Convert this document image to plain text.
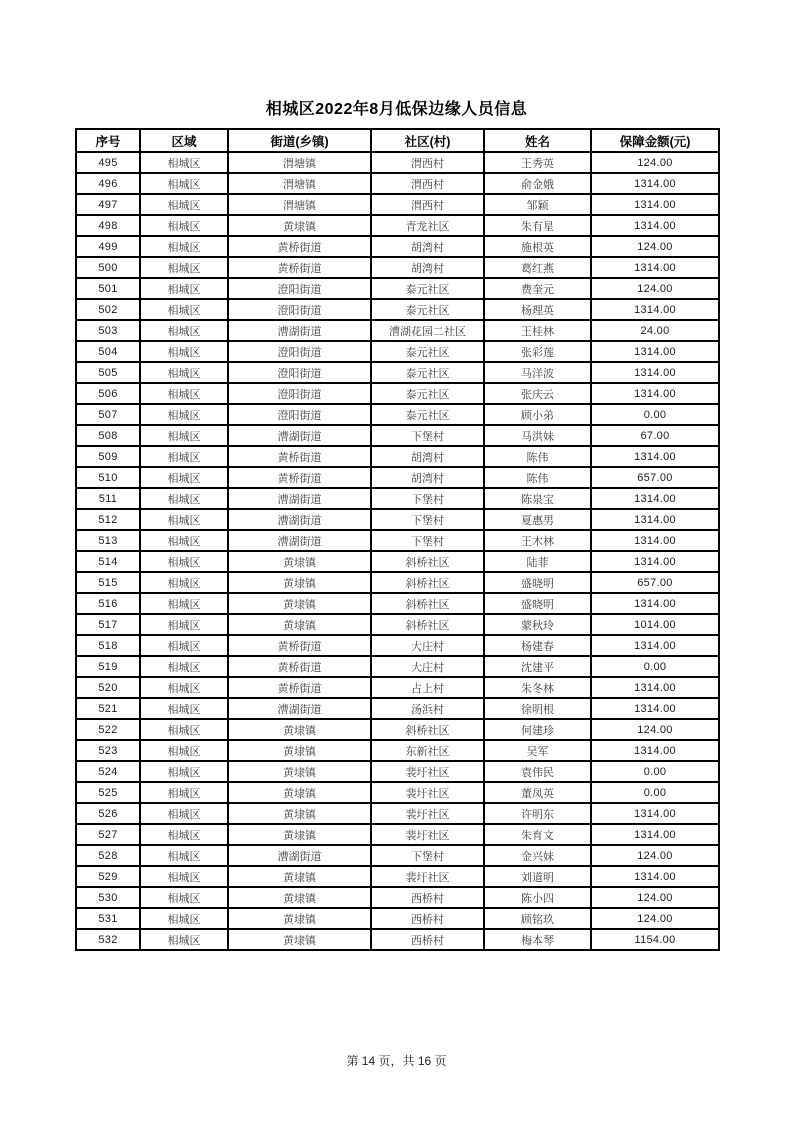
相城区2022年8月低保边缘人员信息
序号	区域	街道(乡镇)	社区(村)	姓名	保障金额(元)
495	相城区	渭塘镇	渭西村	王秀英	124.00
496	相城区	渭塘镇	渭西村	俞金娥	1314.00
497	相城区	渭塘镇	渭西村	邹颖	1314.00
498	相城区	黄埭镇	青龙社区	朱有星	1314.00
499	相城区	黄桥街道	胡湾村	施根英	124.00
500	相城区	黄桥街道	胡湾村	葛红燕	1314.00
501	相城区	澄阳街道	泰元社区	费奎元	124.00
502	相城区	澄阳街道	泰元社区	杨理英	1314.00
503	相城区	漕湖街道	漕湖花园二社区	王桂林	24.00
504	相城区	澄阳街道	泰元社区	张彩莲	1314.00
505	相城区	澄阳街道	泰元社区	马洋波	1314.00
506	相城区	澄阳街道	泰元社区	张庆云	1314.00
507	相城区	澄阳街道	泰元社区	顾小弟	0.00
508	相城区	漕湖街道	下堡村	马洪妹	67.00
509	相城区	黄桥街道	胡湾村	陈伟	1314.00
510	相城区	黄桥街道	胡湾村	陈伟	657.00
511	相城区	漕湖街道	下堡村	陈泉宝	1314.00
512	相城区	漕湖街道	下堡村	夏惠男	1314.00
513	相城区	漕湖街道	下堡村	王木林	1314.00
514	相城区	黄埭镇	斜桥社区	陆菲	1314.00
515	相城区	黄埭镇	斜桥社区	盛晓明	657.00
516	相城区	黄埭镇	斜桥社区	盛晓明	1314.00
517	相城区	黄埭镇	斜桥社区	蒙秋玲	1014.00
518	相城区	黄桥街道	大庄村	杨建春	1314.00
519	相城区	黄桥街道	大庄村	沈建平	0.00
520	相城区	黄桥街道	占上村	朱冬林	1314.00
521	相城区	漕湖街道	汤浜村	徐明根	1314.00
522	相城区	黄埭镇	斜桥社区	何建珍	124.00
523	相城区	黄埭镇	东新社区	吴军	1314.00
524	相城区	黄埭镇	裴圩社区	袁伟民	0.00
525	相城区	黄埭镇	裴圩社区	董凤英	0.00
526	相城区	黄埭镇	裴圩社区	许明东	1314.00
527	相城区	黄埭镇	裴圩社区	朱育文	1314.00
528	相城区	漕湖街道	下堡村	金兴妹	124.00
529	相城区	黄埭镇	裴圩社区	刘道明	1314.00
530	相城区	黄埭镇	西桥村	陈小四	124.00
531	相城区	黄埭镇	西桥村	顾铭玖	124.00
532	相城区	黄埭镇	西桥村	梅本琴	1154.00
第 14 页，共 16 页
